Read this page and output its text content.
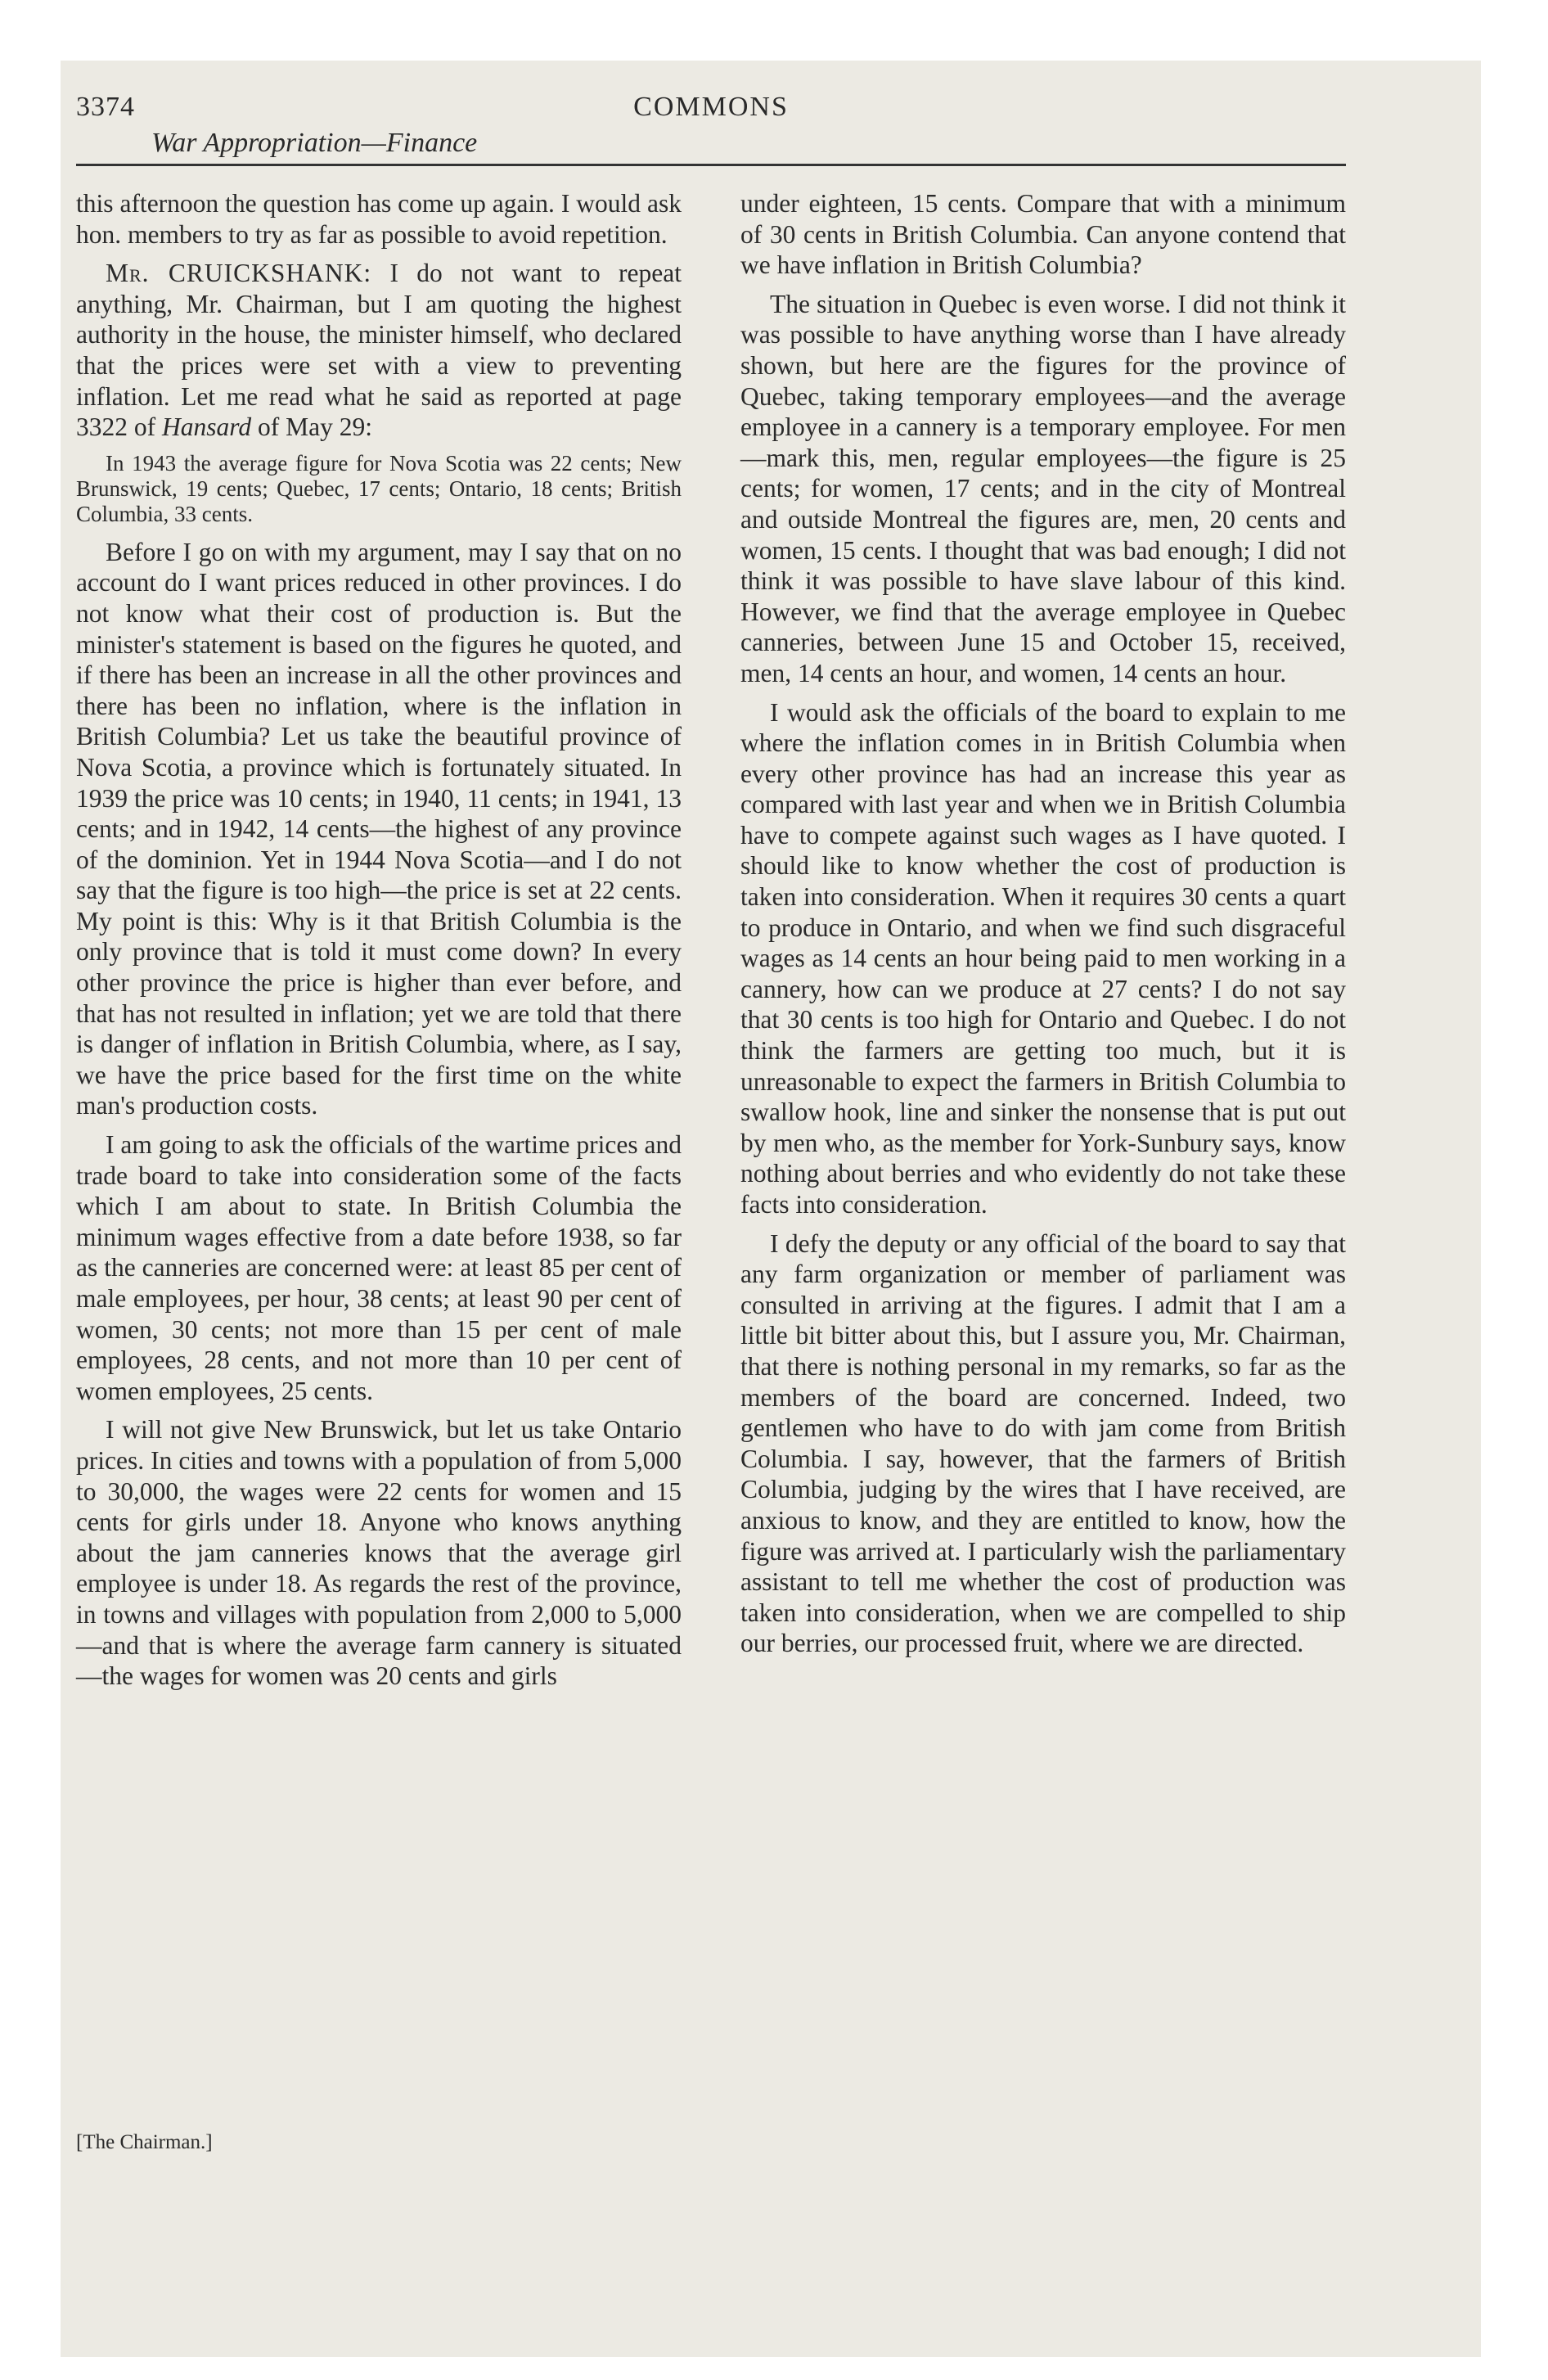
3374	COMMONS
War Appropriation—Finance

this afternoon the question has come up again. I would ask hon. members to try as far as possible to avoid repetition.

Mr. CRUICKSHANK: I do not want to repeat anything, Mr. Chairman, but I am quoting the highest authority in the house, the minister himself, who declared that the prices were set with a view to preventing inflation. Let me read what he said as reported at page 3322 of Hansard of May 29:

In 1943 the average figure for Nova Scotia was 22 cents; New Brunswick, 19 cents; Quebec, 17 cents; Ontario, 18 cents; British Columbia, 33 cents.

Before I go on with my argument, may I say that on no account do I want prices reduced in other provinces. I do not know what their cost of production is. But the minister's statement is based on the figures he quoted, and if there has been an increase in all the other provinces and there has been no inflation, where is the inflation in British Columbia? Let us take the beautiful province of Nova Scotia, a province which is fortunately situated. In 1939 the price was 10 cents; in 1940, 11 cents; in 1941, 13 cents; and in 1942, 14 cents—the highest of any province of the dominion. Yet in 1944 Nova Scotia—and I do not say that the figure is too high—the price is set at 22 cents. My point is this: Why is it that British Columbia is the only province that is told it must come down? In every other province the price is higher than ever before, and that has not resulted in inflation; yet we are told that there is danger of inflation in British Columbia, where, as I say, we have the price based for the first time on the white man's production costs.

I am going to ask the officials of the wartime prices and trade board to take into consideration some of the facts which I am about to state. In British Columbia the minimum wages effective from a date before 1938, so far as the canneries are concerned were: at least 85 per cent of male employees, per hour, 38 cents; at least 90 per cent of women, 30 cents; not more than 15 per cent of male employees, 28 cents, and not more than 10 per cent of women employees, 25 cents.

I will not give New Brunswick, but let us take Ontario prices. In cities and towns with a population of from 5,000 to 30,000, the wages were 22 cents for women and 15 cents for girls under 18. Anyone who knows anything about the jam canneries knows that the average girl employee is under 18. As regards the rest of the province, in towns and villages with population from 2,000 to 5,000—and that is where the average farm cannery is situated —the wages for women was 20 cents and girls

under eighteen, 15 cents. Compare that with a minimum of 30 cents in British Columbia. Can anyone contend that we have inflation in British Columbia?

The situation in Quebec is even worse. I did not think it was possible to have anything worse than I have already shown, but here are the figures for the province of Quebec, taking temporary employees—and the average employee in a cannery is a temporary employee. For men—mark this, men, regular employees—the figure is 25 cents; for women, 17 cents; and in the city of Montreal and outside Montreal the figures are, men, 20 cents and women, 15 cents. I thought that was bad enough; I did not think it was possible to have slave labour of this kind. However, we find that the average employee in Quebec canneries, between June 15 and October 15, received, men, 14 cents an hour, and women, 14 cents an hour.

I would ask the officials of the board to explain to me where the inflation comes in in British Columbia when every other province has had an increase this year as compared with last year and when we in British Columbia have to compete against such wages as I have quoted. I should like to know whether the cost of production is taken into consideration. When it requires 30 cents a quart to produce in Ontario, and when we find such disgraceful wages as 14 cents an hour being paid to men working in a cannery, how can we produce at 27 cents? I do not say that 30 cents is too high for Ontario and Quebec. I do not think the farmers are getting too much, but it is unreasonable to expect the farmers in British Columbia to swallow hook, line and sinker the nonsense that is put out by men who, as the member for York-Sunbury says, know nothing about berries and who evidently do not take these facts into consideration.

I defy the deputy or any official of the board to say that any farm organization or member of parliament was consulted in arriving at the figures. I admit that I am a little bit bitter about this, but I assure you, Mr. Chairman, that there is nothing personal in my remarks, so far as the members of the board are concerned. Indeed, two gentlemen who have to do with jam come from British Columbia. I say, however, that the farmers of British Columbia, judging by the wires that I have received, are anxious to know, and they are entitled to know, how the figure was arrived at. I particularly wish the parliamentary assistant to tell me whether the cost of production was taken into consideration, when we are compelled to ship our berries, our processed fruit, where we are directed.

[The Chairman.]
